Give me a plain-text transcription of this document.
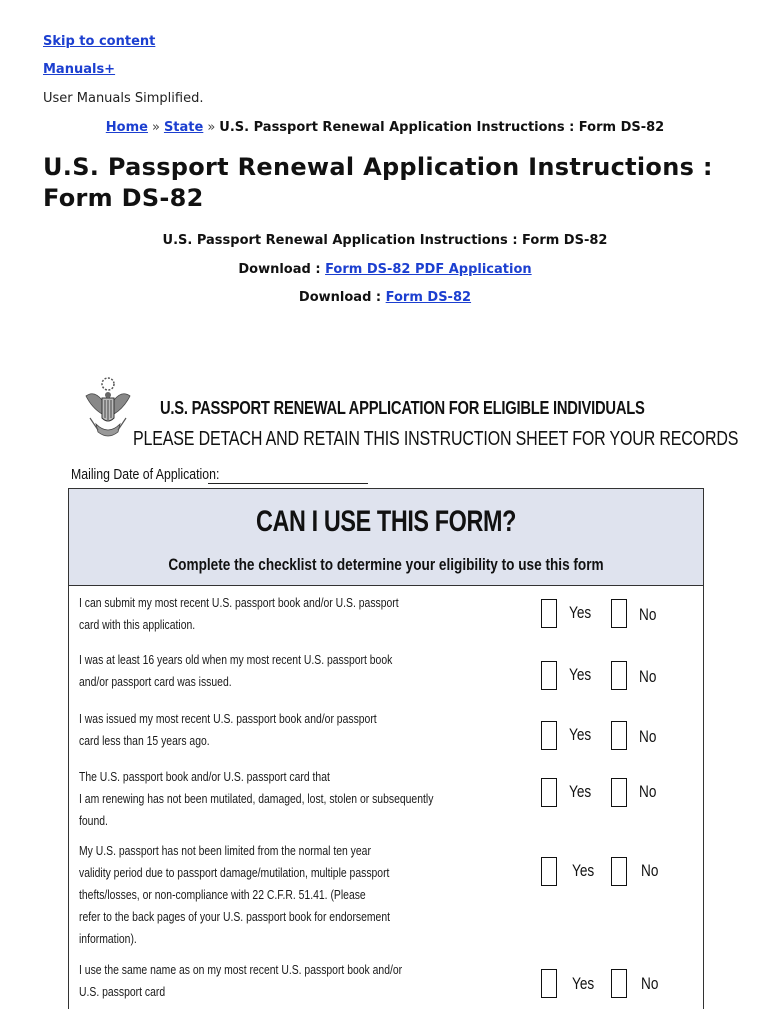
Skip to content
Manuals+
User Manuals Simplified.
Home » State » U.S. Passport Renewal Application Instructions : Form DS-82
U.S. Passport Renewal Application Instructions : Form DS-82
U.S. Passport Renewal Application Instructions : Form DS-82
Download : Form DS-82 PDF Application
Download : Form DS-82
U.S. PASSPORT RENEWAL APPLICATION FOR ELIGIBLE INDIVIDUALS
PLEASE DETACH AND RETAIN THIS INSTRUCTION SHEET FOR YOUR RECORDS
Mailing Date of Application:
CAN I USE THIS FORM?
Complete the checklist to determine your eligibility to use this form
I can submit my most recent U.S. passport book and/or U.S. passport
card with this application.
Yes	No
I was at least 16 years old when my most recent U.S. passport book
and/or passport card was issued.	Yes	No
I was issued my most recent U.S. passport book and/or passport
card less than 15 years ago.	Yes	No
The U.S. passport book and/or U.S. passport card that
I am renewing has not been mutilated, damaged, lost, stolen or subsequently
found.
Yes	No
My U.S. passport has not been limited from the normal ten year
validity period due to passport damage/mutilation, multiple passport
thefts/losses, or non-compliance with 22 C.F.R. 51.41. (Please
refer to the back pages of your U.S. passport book for endorsement
information).
Yes	No
I use the same name as on my most recent U.S. passport book and/or
U.S. passport card	Yes	No
